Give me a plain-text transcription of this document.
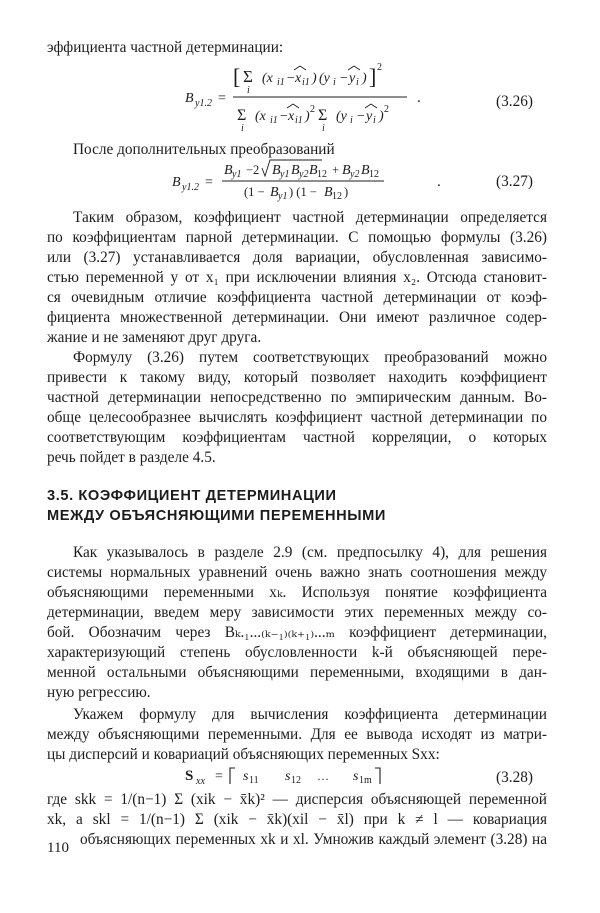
эффициента частной детерминации:
B y1.2 =
[ Σ
i
(x i1 − x i1 ) (y i − y i ) ] 2
Σ
i
(x i1 − x i1 ) 2 Σ
i
(y i − y i ) 2
.	(3.26)
После дополнительных преобразований
B y1.2 =
B y1 −2 B y1 B y2 B 12 + B y2 B 12
(1 − B y1 ) (1 − B 12 )
.	(3.27)
Таким образом, коэффициент частной детерминации определяется
по коэффициентам парной детерминации. С помощью формулы (3.26)
или (3.27) устанавливается доля вариации, обусловленная зависимо-
стью переменной y от x₁ при исключении влияния x₂. Отсюда становит-
ся очевидным отличие коэффициента частной детерминации от коэф-
фициента множественной детерминации. Они имеют различное содер-
жание и не заменяют друг друга.
Формулу (3.26) путем соответствующих преобразований можно
привести к такому виду, который позволяет находить коэффициент
частной детерминации непосредственно по эмпирическим данным. Во-
обще целесообразнее вычислять коэффициент частной детерминации по
соответствующим коэффициентам частной корреляции, о которых
речь пойдет в разделе 4.5.
3.5. КОЭФФИЦИЕНТ ДЕТЕРМИНАЦИИ
МЕЖДУ ОБЪЯСНЯЮЩИМИ ПЕРЕМЕННЫМИ
Как указывалось в разделе 2.9 (см. предпосылку 4), для решения
системы нормальных уравнений очень важно знать соотношения между
объясняющими переменными xₖ. Используя понятие коэффициента
детерминации, введем меру зависимости этих переменных между со-
бой. Обозначим через Bₖ.₁...₍ₖ₋₁₎₍ₖ₊₁₎...ₘ коэффициент детерминации,
характеризующий степень обусловленности k-й объясняющей пере-
менной остальными объясняющими переменными, входящими в дан-
ную регрессию.
Укажем формулу для вычисления коэффициента детерминации
между объясняющими переменными. Для ее вывода исходят из матри-
цы дисперсий и ковариаций объясняющих переменных Sxx:
S xx = s 11 s 12 … s 1m	(3.28)
где skk = 1/(n−1) Σ (xik − x̄k)² — дисперсия объясняющей переменной
xk, а skl = 1/(n−1) Σ (xik − x̄k)(xil − x̄l) при k ≠ l — ковариация
объясняющих переменных xk и xl. Умножив каждый элемент (3.28) на
110
